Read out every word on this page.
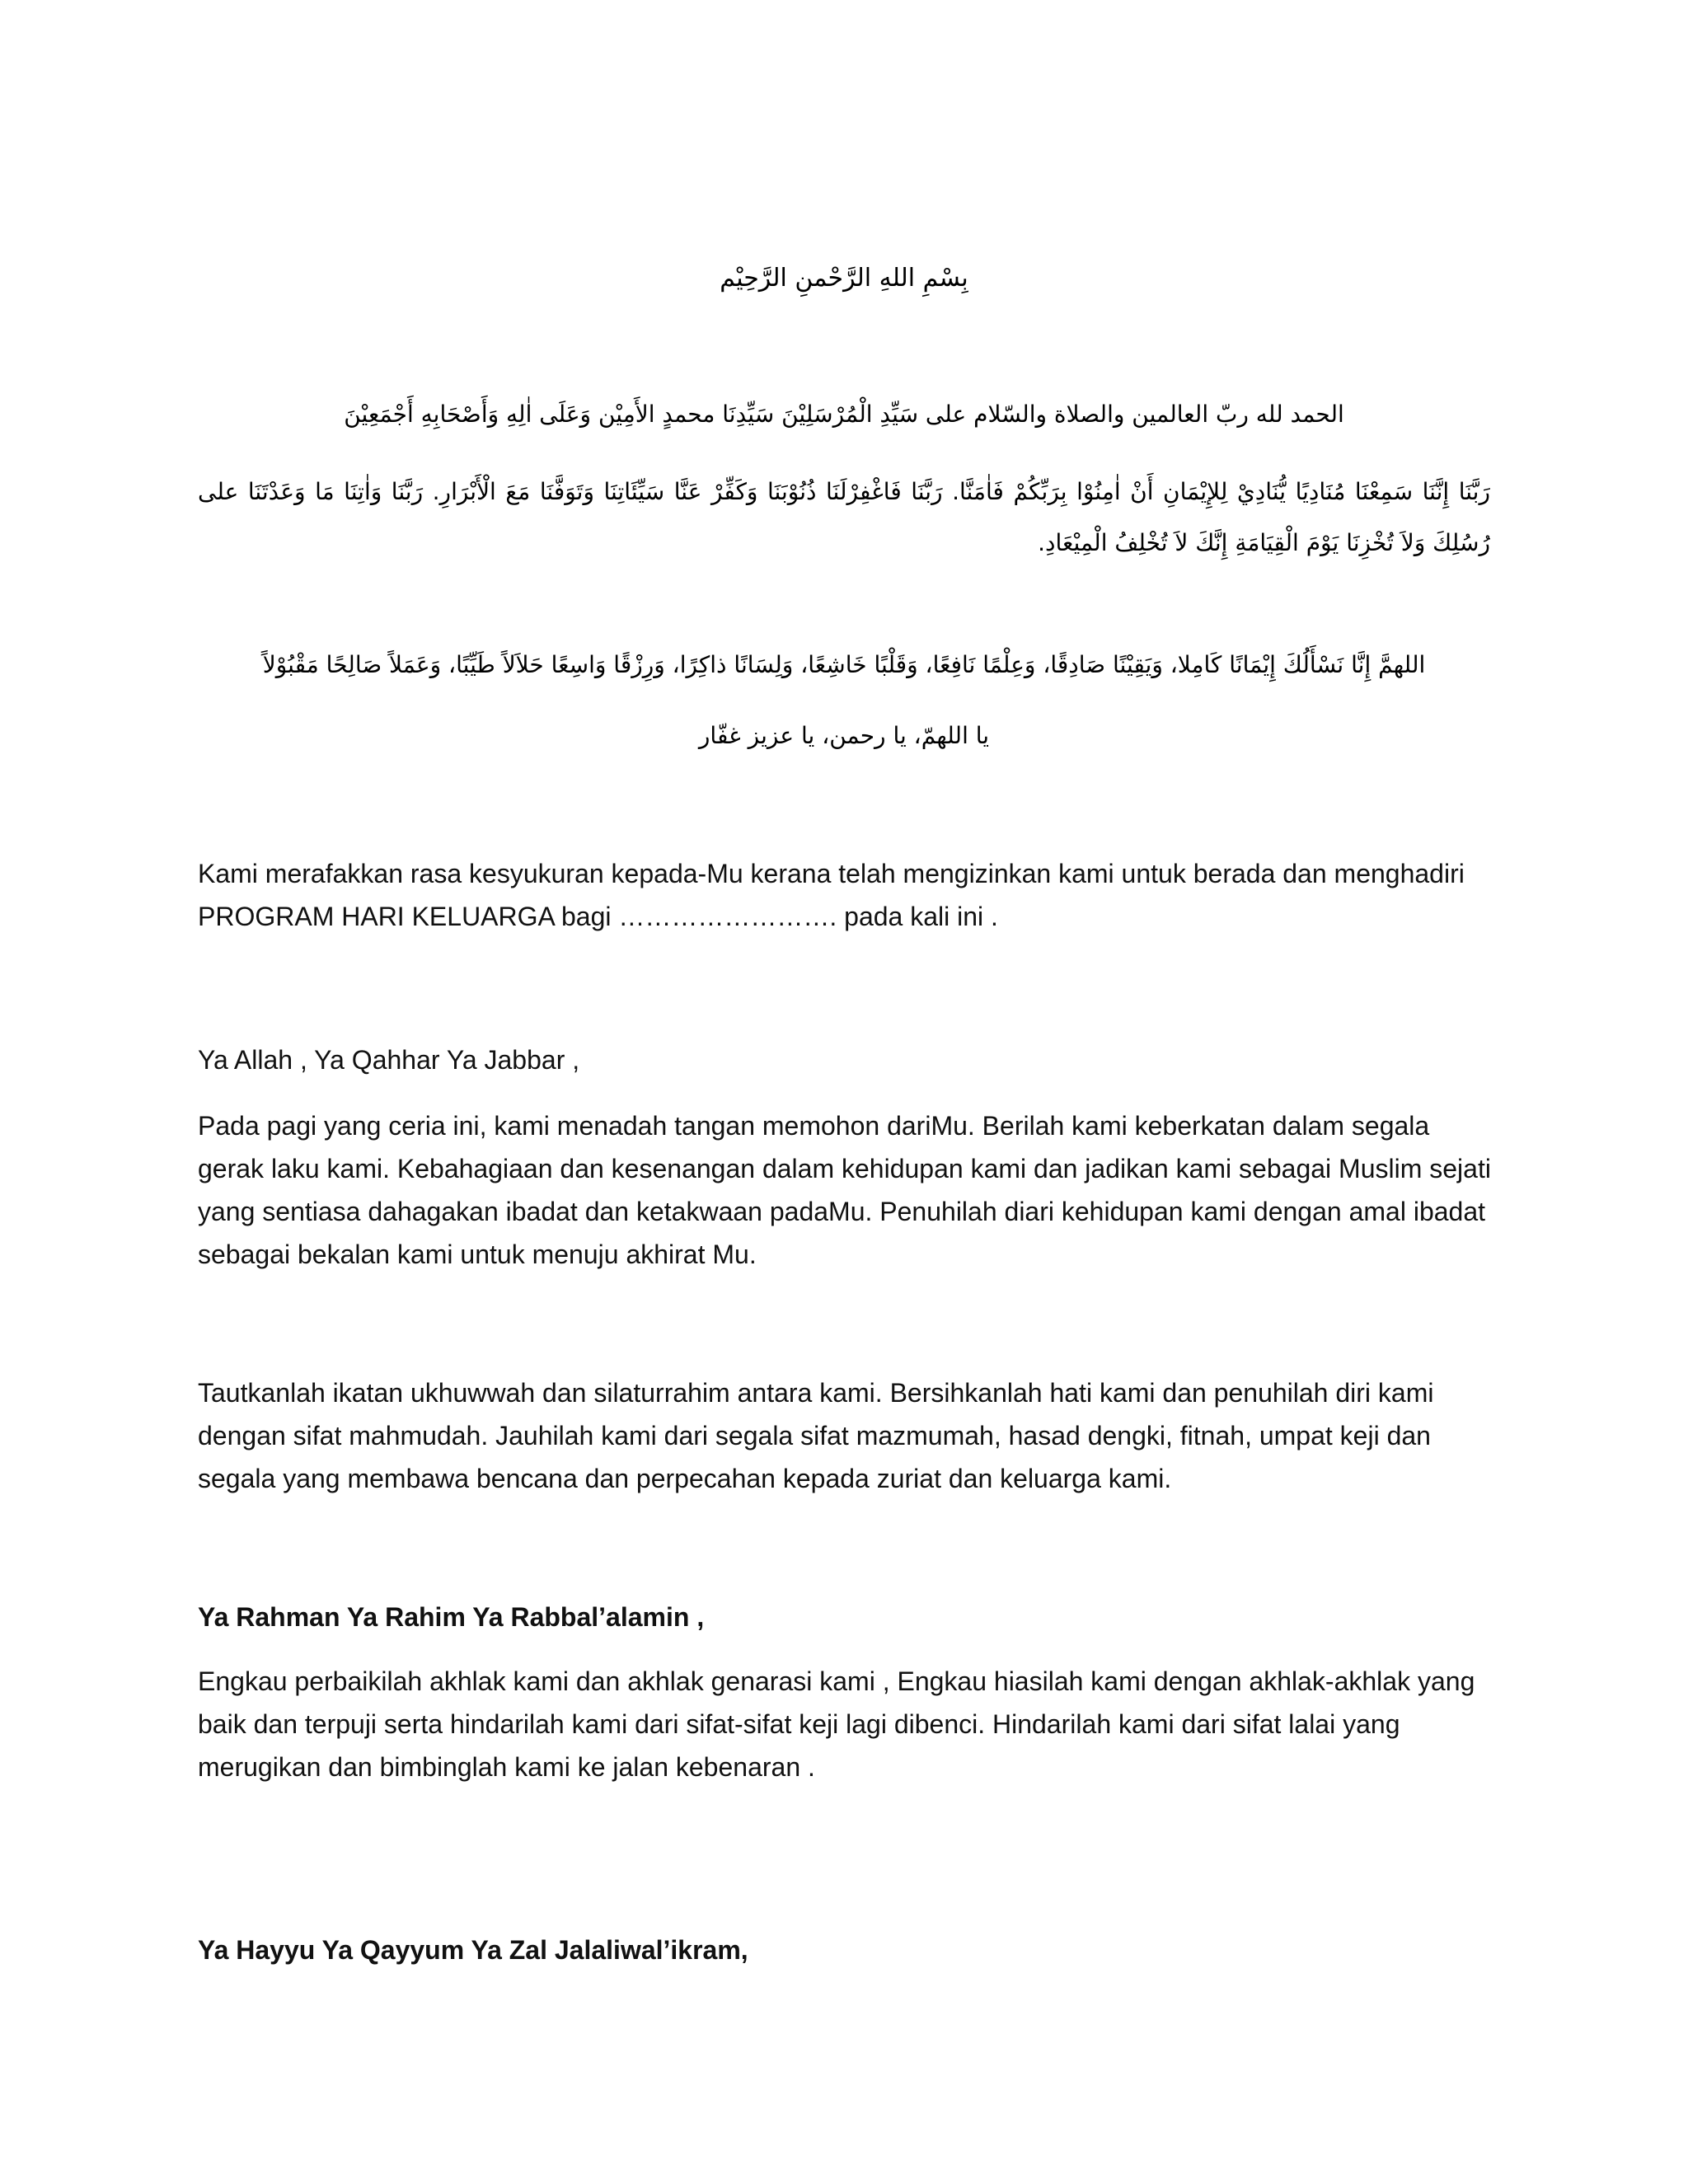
بِسْمِ اللهِ الرَّحْمنِ الرَّحِيْم
الحمد لله ربّ العالمين والصلاة والسّلام على سَيِّدِ الْمُرْسَلِيْنَ سَيِّدِنَا محمدٍ الأَمِيْن وَعَلَى اٰلِهِ وَأَصْحَابِهِ أَجْمَعِيْنَ
رَبَّنَا إِنَّنَا سَمِعْنَا مُنَادِيًا يُّنَادِيْ لِلإِيْمَانِ أَنْ اٰمِنُوْا بِرَبِّكُمْ فَاٰمَنَّا. رَبَّنَا فَاغْفِرْلَنَا ذُنُوْبَنَا وَكَفِّرْ عَنَّا سَيِّئَاتِنَا وَتَوَفَّنَا مَعَ الْأَبْرَارِ. رَبَّنَا وَاٰتِنَا مَا وَعَدْتَنَا على رُسُلِكَ وَلاَ تُخْزِنَا يَوْمَ الْقِيَامَةِ إِنَّكَ لاَ تُخْلِفُ الْمِيْعَادِ.
اللهمَّ إِنَّا نَسْأَلُكَ إِيْمَانًا كَامِلا، وَيَقِيْنًا صَادِقًا، وَعِلْمًا نَافِعًا، وَقَلْبًا خَاشِعًا، وَلِسَانًا ذاكِرًا، وَرِزْقًا وَاسِعًا حَلاَلاً طَيِّبًا، وَعَمَلاً صَالِحًا مَقْبُوْلاً
يا اللهمّ، يا رحمن، يا عزيز غفّار

Kami merafakkan rasa kesyukuran kepada-Mu kerana telah mengizinkan kami untuk berada dan menghadiri PROGRAM HARI KELUARGA bagi ……………………. pada kali ini .

Ya Allah , Ya Qahhar Ya Jabbar ,

Pada pagi yang ceria ini, kami menadah tangan memohon dariMu. Berilah kami keberkatan dalam segala gerak laku kami. Kebahagiaan dan kesenangan dalam kehidupan kami dan jadikan kami sebagai Muslim sejati yang sentiasa dahagakan ibadat dan ketakwaan padaMu. Penuhilah diari kehidupan kami dengan amal ibadat sebagai bekalan kami untuk menuju akhirat Mu.

Tautkanlah ikatan ukhuwwah dan silaturrahim antara kami. Bersihkanlah hati kami dan penuhilah diri kami dengan sifat mahmudah. Jauhilah kami dari segala sifat mazmumah, hasad dengki, fitnah, umpat keji dan segala yang membawa bencana dan perpecahan kepada zuriat dan keluarga kami.

Ya Rahman Ya Rahim Ya Rabbal’alamin ,

Engkau perbaikilah akhlak kami dan akhlak genarasi kami , Engkau hiasilah kami dengan akhlak-akhlak yang baik dan terpuji serta hindarilah kami dari sifat-sifat keji lagi dibenci. Hindarilah kami dari sifat lalai yang merugikan dan bimbinglah kami ke jalan kebenaran .

Ya Hayyu Ya Qayyum Ya Zal Jalaliwal’ikram,
